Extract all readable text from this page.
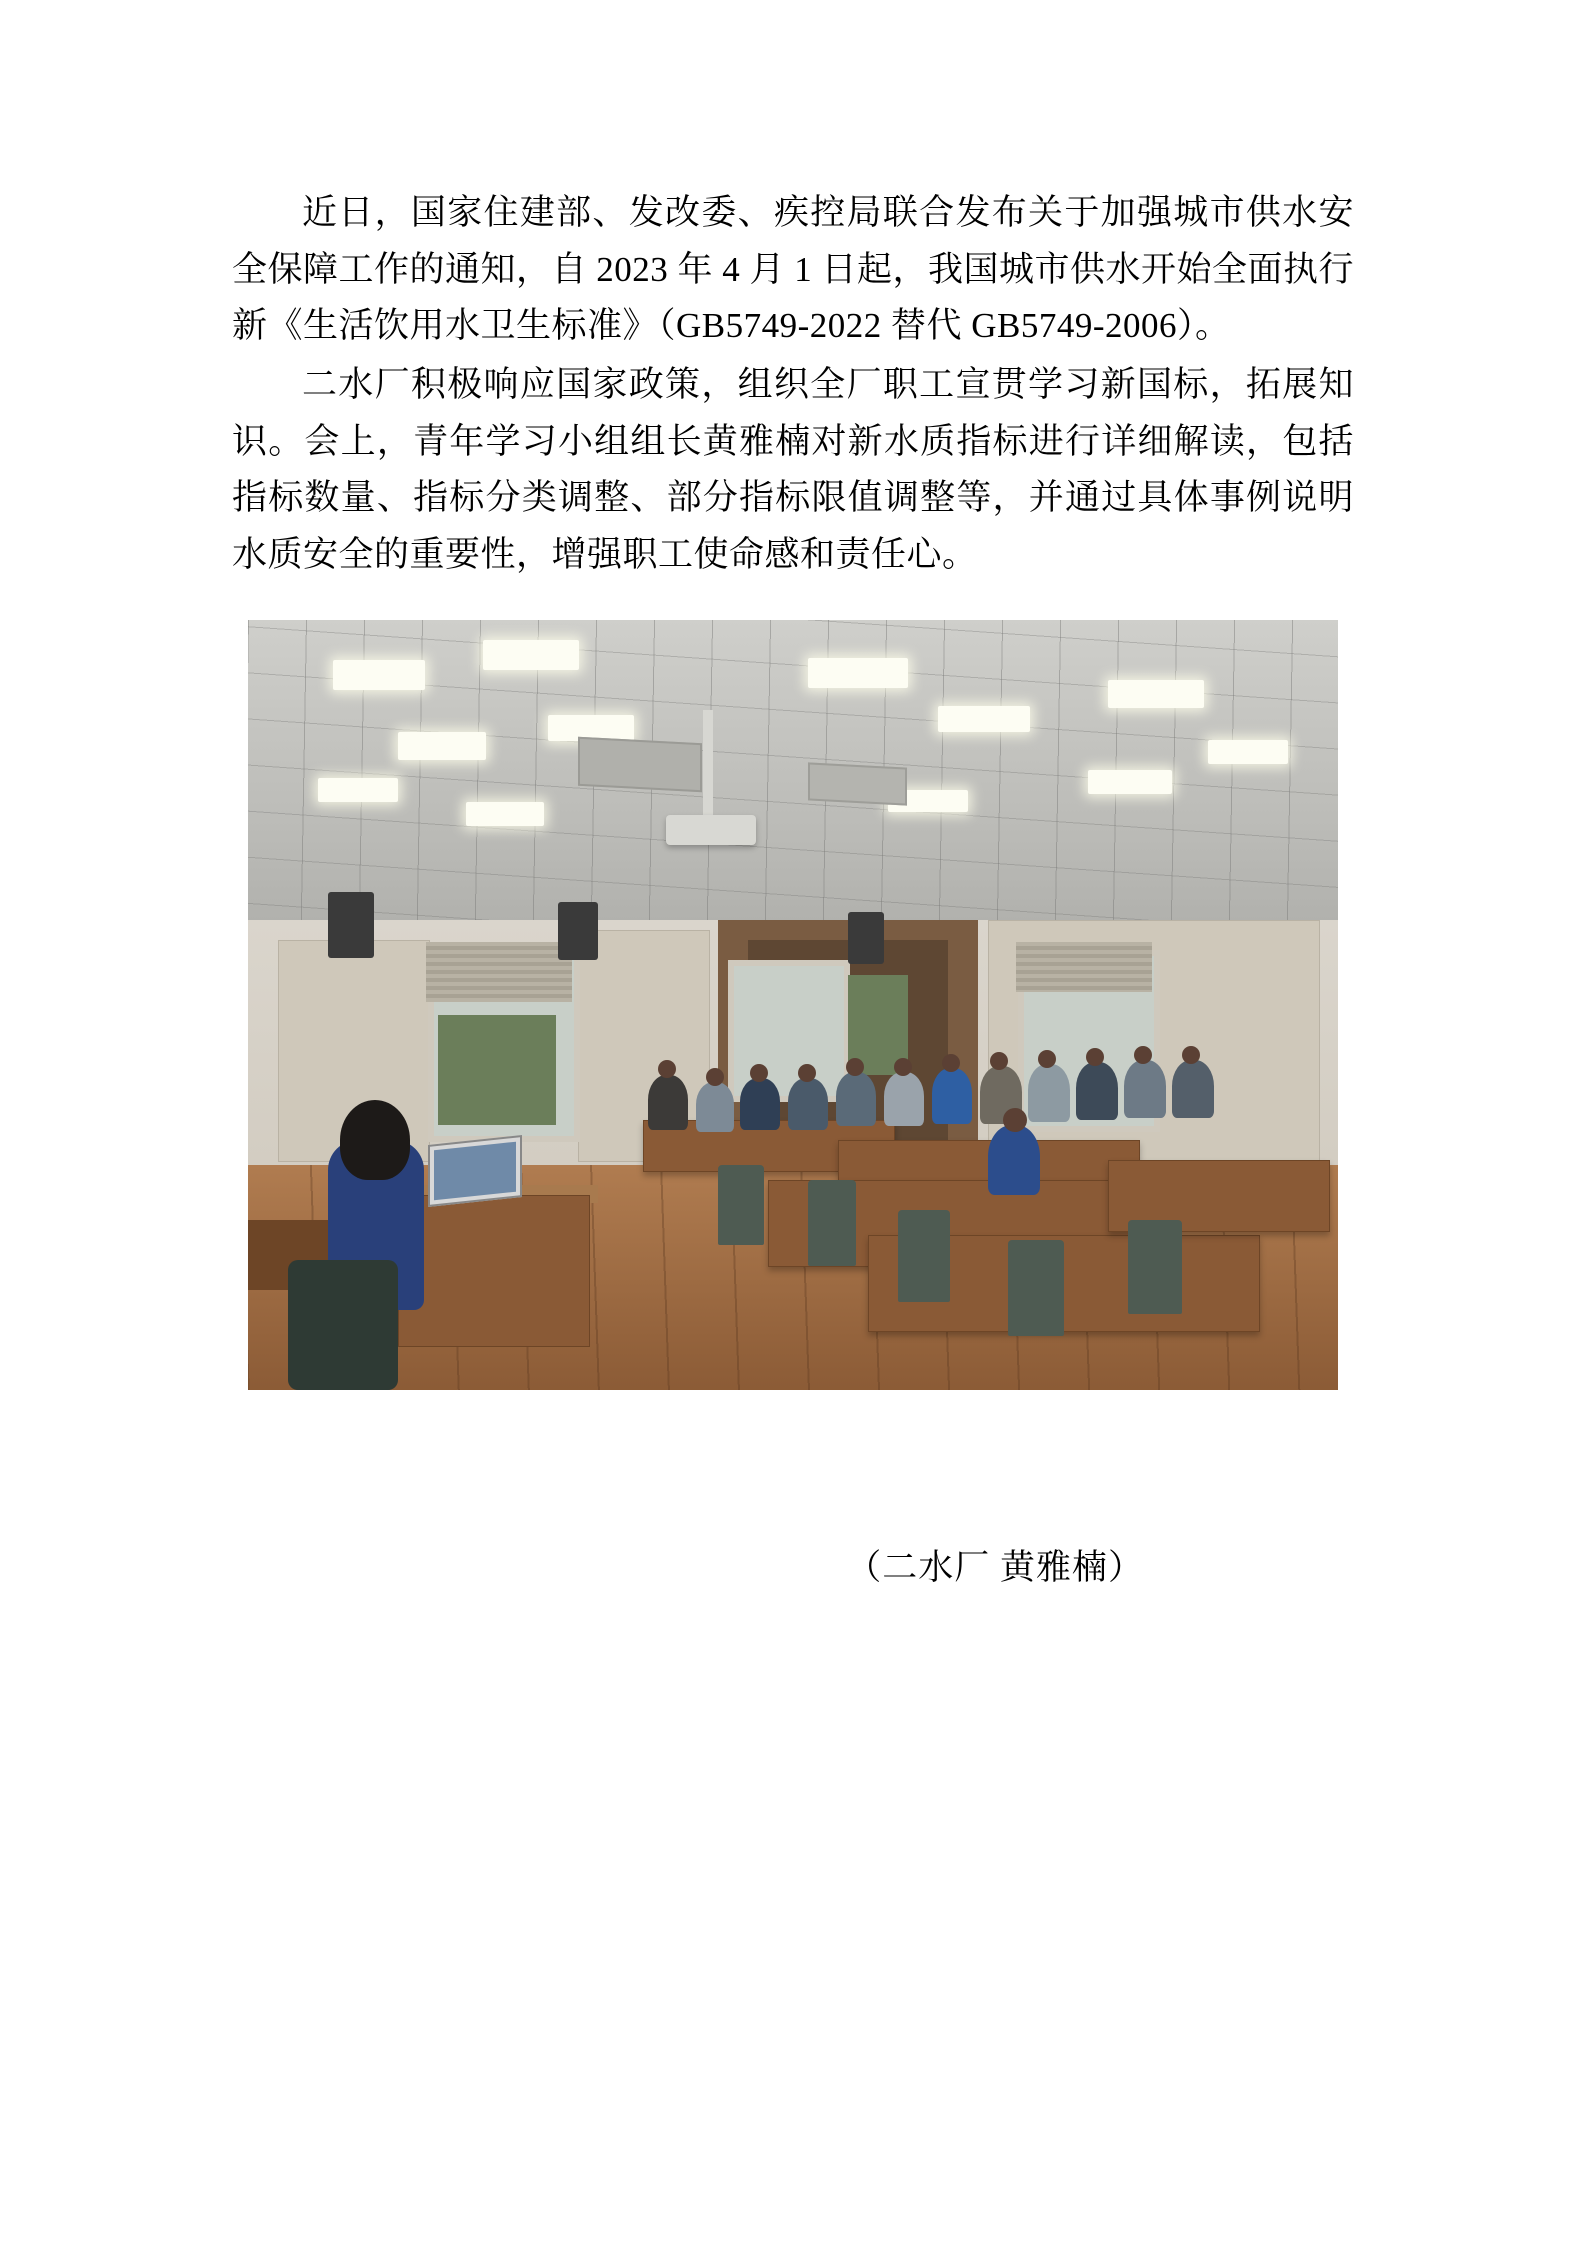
近日，国家住建部、发改委、疾控局联合发布关于加强城市供水安全保障工作的通知，自 2023 年 4 月 1 日起，我国城市供水开始全面执行新《生活饮用水卫生标准》（GB5749-2022 替代 GB5749-2006）。

二水厂积极响应国家政策，组织全厂职工宣贯学习新国标，拓展知识。会上，青年学习小组组长黄雅楠对新水质指标进行详细解读，包括指标数量、指标分类调整、部分指标限值调整等，并通过具体事例说明水质安全的重要性，增强职工使命感和责任心。

（二水厂 黄雅楠）
